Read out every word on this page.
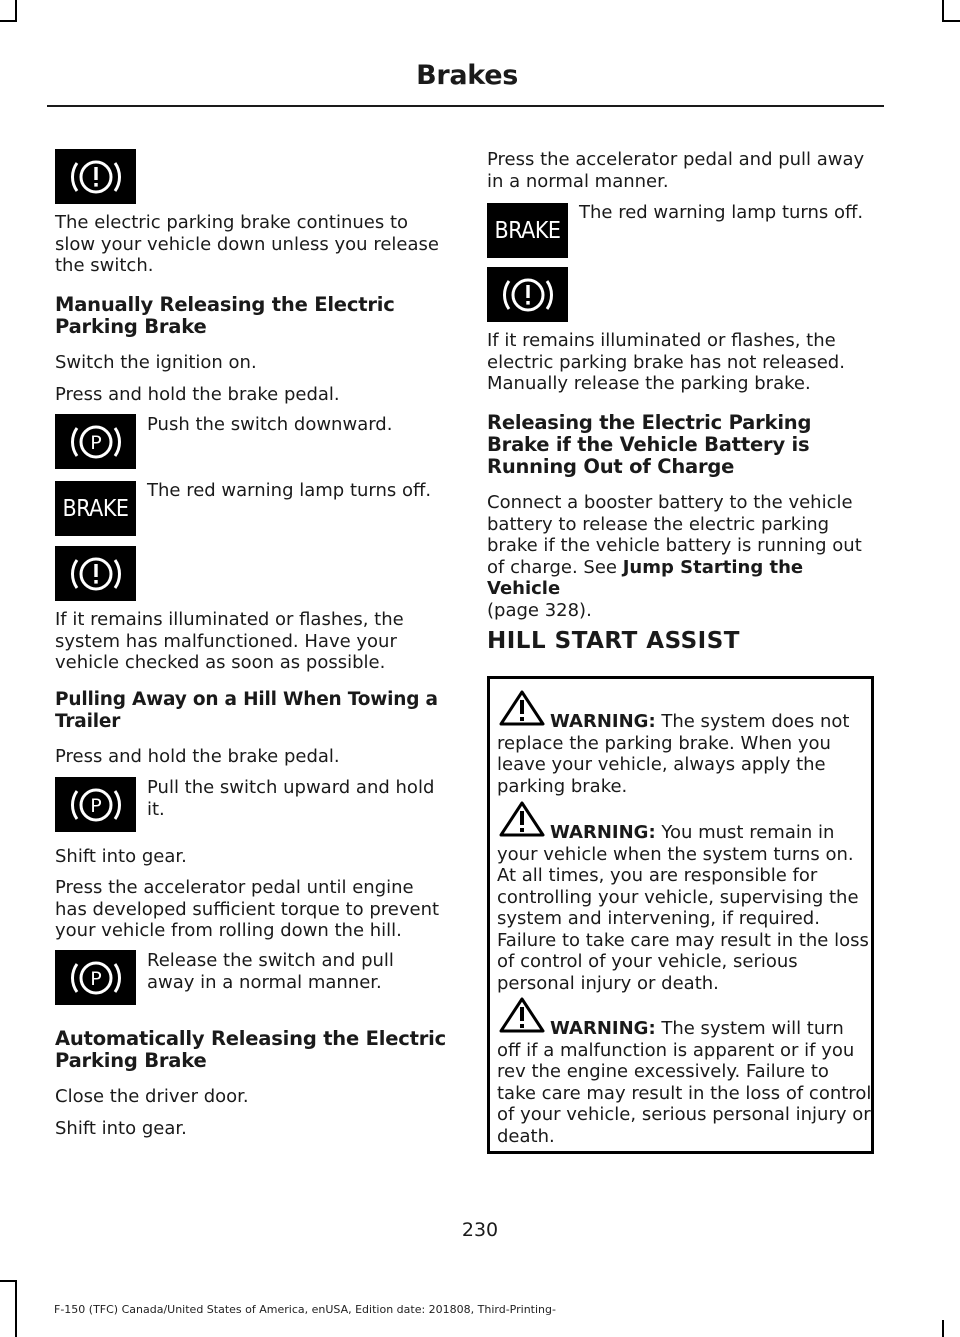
Brakes

The electric parking brake continues to slow your vehicle down unless you release the switch.

Manually Releasing the Electric Parking Brake

Switch the ignition on.

Press and hold the brake pedal.

P

Push the switch downward.

BRAKE

The red warning lamp turns off.

If it remains illuminated or flashes, the system has malfunctioned. Have your vehicle checked as soon as possible.

Pulling Away on a Hill When Towing a Trailer

Press and hold the brake pedal.

P

Pull the switch upward and hold it.

Shift into gear.

Press the accelerator pedal until engine has developed sufficient torque to prevent your vehicle from rolling down the hill.

P

Release the switch and pull away in a normal manner.

Automatically Releasing the Electric Parking Brake

Close the driver door.

Shift into gear.

Press the accelerator pedal and pull away in a normal manner.

BRAKE

The red warning lamp turns off.

If it remains illuminated or flashes, the electric parking brake has not released. Manually release the parking brake.

Releasing the Electric Parking Brake if the Vehicle Battery is Running Out of Charge

Connect a booster battery to the vehicle battery to release the electric parking brake if the vehicle battery is running out of charge. See Jump Starting the Vehicle
(page 328).

HILL START ASSIST

WARNING: The system does not replace the parking brake. When you leave your vehicle, always apply the parking brake.

WARNING: You must remain in your vehicle when the system turns on. At all times, you are responsible for controlling your vehicle, supervising the system and intervening, if required. Failure to take care may result in the loss of control of your vehicle, serious personal injury or death.

WARNING: The system will turn off if a malfunction is apparent or if you rev the engine excessively. Failure to take care may result in the loss of control of your vehicle, serious personal injury or death.

230
F-150 (TFC) Canada/United States of America, enUSA, Edition date: 201808, Third-Printing-
